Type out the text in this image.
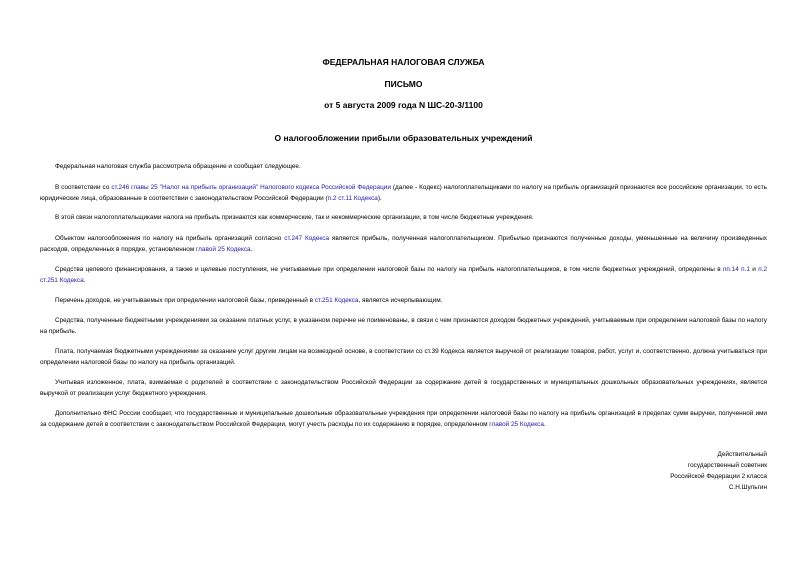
ФЕДЕРАЛЬНАЯ НАЛОГОВАЯ СЛУЖБА
ПИСЬМО
от 5 августа 2009 года N ШС-20-3/1100
О налогообложении прибыли образовательных учреждений

Федеральная налоговая служба рассмотрела обращение и сообщает следующее.

В соответствии со ст.246 главы 25 "Налог на прибыль организаций" Налогового кодекса Российской Федерации (далее - Кодекс) налогоплательщиками по налогу на прибыль организаций признаются все российские организации, то есть юридические лица, образованные в соответствии с законодательством Российской Федерации (п.2 ст.11 Кодекса).

В этой связи налогоплательщиками налога на прибыль признаются как коммерческие, так и некоммерческие организации, в том числе бюджетные учреждения.

Объектом налогообложения по налогу на прибыль организаций согласно ст.247 Кодекса является прибыль, полученная налогоплательщиком. Прибылью признаются полученные доходы, уменьшенные на величину произведенных расходов, определенных в порядке, установленном главой 25 Кодекса.

Средства целевого финансирования, а также и целевые поступления, не учитываемые при определении налоговой базы по налогу на прибыль налогоплательщиков, в том числе бюджетных учреждений, определены в пп.14 п.1 и п.2 ст.251 Кодекса.

Перечень доходов, не учитываемых при определении налоговой базы, приведенный в ст.251 Кодекса, является исчерпывающим.

Средства, полученные бюджетными учреждениями за оказание платных услуг, в указанном перечне не поименованы, в связи с чем признаются доходом бюджетных учреждений, учитываемым при определении налоговой базы по налогу на прибыль.

Плата, получаемая бюджетными учреждениями за оказание услуг другим лицам на возмездной основе, в соответствии со ст.39 Кодекса является выручкой от реализации товаров, работ, услуг и, соответственно, должна учитываться при определении налоговой базы по налогу на прибыль организаций.

Учитывая изложенное, плата, взимаемая с родителей в соответствии с законодательством Российской Федерации за содержание детей в государственных и муниципальных дошкольных образовательных учреждениях, является выручкой от реализации услуг бюджетного учреждения.

Дополнительно ФНС России сообщает, что государственные и муниципальные дошкольные образовательные учреждения при определении налоговой базы по налогу на прибыль организаций в пределах сумм выручки, полученной ими за содержание детей в соответствии с законодательством Российской Федерации, могут учесть расходы по их содержанию в порядке, определенном главой 25 Кодекса.

Действительный
государственный советник
Российской Федерации 2 класса
С.Н.Шульгин
